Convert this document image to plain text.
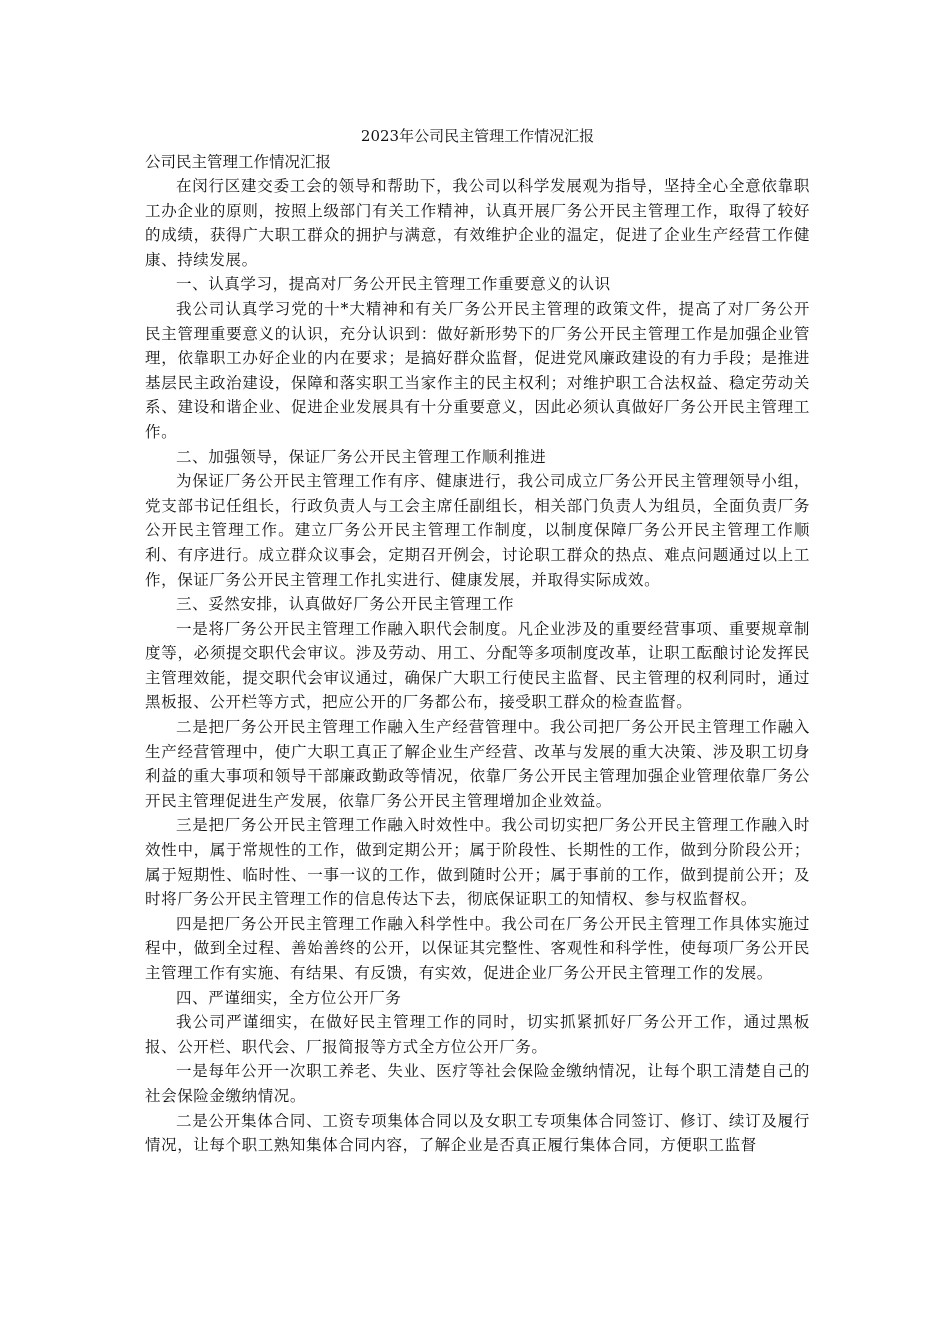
2023年公司民主管理工作情况汇报

公司民主管理工作情况汇报

在闵行区建交委工会的领导和帮助下，我公司以科学发展观为指导，坚持全心全意依靠职工办企业的原则，按照上级部门有关工作精神，认真开展厂务公开民主管理工作，取得了较好的成绩，获得广大职工群众的拥护与满意，有效维护企业的温定，促进了企业生产经营工作健康、持续发展。

一、认真学习，提高对厂务公开民主管理工作重要意义的认识

我公司认真学习党的十*大精神和有关厂务公开民主管理的政策文件，提高了对厂务公开民主管理重要意义的认识，充分认识到：做好新形势下的厂务公开民主管理工作是加强企业管理，依靠职工办好企业的内在要求；是搞好群众监督，促进党风廉政建设的有力手段；是推进基层民主政治建设，保障和落实职工当家作主的民主权利；对维护职工合法权益、稳定劳动关系、建设和谐企业、促进企业发展具有十分重要意义，因此必须认真做好厂务公开民主管理工作。

二、加强领导，保证厂务公开民主管理工作顺利推进

为保证厂务公开民主管理工作有序、健康进行，我公司成立厂务公开民主管理领导小组，党支部书记任组长，行政负责人与工会主席任副组长，相关部门负责人为组员，全面负责厂务公开民主管理工作。建立厂务公开民主管理工作制度，以制度保障厂务公开民主管理工作顺利、有序进行。成立群众议事会，定期召开例会，讨论职工群众的热点、难点问题通过以上工作，保证厂务公开民主管理工作扎实进行、健康发展，并取得实际成效。

三、妥然安排，认真做好厂务公开民主管理工作

一是将厂务公开民主管理工作融入职代会制度。凡企业涉及的重要经营事项、重要规章制度等，必须提交职代会审议。涉及劳动、用工、分配等多项制度改革，让职工酝酿讨论发挥民主管理效能，提交职代会审议通过，确保广大职工行使民主监督、民主管理的权利同时，通过黑板报、公开栏等方式，把应公开的厂务都公布，接受职工群众的检查监督。

二是把厂务公开民主管理工作融入生产经营管理中。我公司把厂务公开民主管理工作融入生产经营管理中，使广大职工真正了解企业生产经营、改革与发展的重大决策、涉及职工切身利益的重大事项和领导干部廉政勤政等情况，依靠厂务公开民主管理加强企业管理依靠厂务公开民主管理促进生产发展，依靠厂务公开民主管理增加企业效益。

三是把厂务公开民主管理工作融入时效性中。我公司切实把厂务公开民主管理工作融入时效性中，属于常规性的工作，做到定期公开；属于阶段性、长期性的工作，做到分阶段公开；属于短期性、临时性、一事一议的工作，做到随时公开；属于事前的工作，做到提前公开；及时将厂务公开民主管理工作的信息传达下去，彻底保证职工的知情权、参与权监督权。

四是把厂务公开民主管理工作融入科学性中。我公司在厂务公开民主管理工作具体实施过程中，做到全过程、善始善终的公开，以保证其完整性、客观性和科学性，使每项厂务公开民主管理工作有实施、有结果、有反馈，有实效，促进企业厂务公开民主管理工作的发展。

四、严谨细实，全方位公开厂务

我公司严谨细实，在做好民主管理工作的同时，切实抓紧抓好厂务公开工作，通过黑板报、公开栏、职代会、厂报简报等方式全方位公开厂务。

一是每年公开一次职工养老、失业、医疗等社会保险金缴纳情况，让每个职工清楚自己的社会保险金缴纳情况。

二是公开集体合同、工资专项集体合同以及女职工专项集体合同签订、修订、续订及履行情况，让每个职工熟知集体合同内容，了解企业是否真正履行集体合同，方便职工监督
